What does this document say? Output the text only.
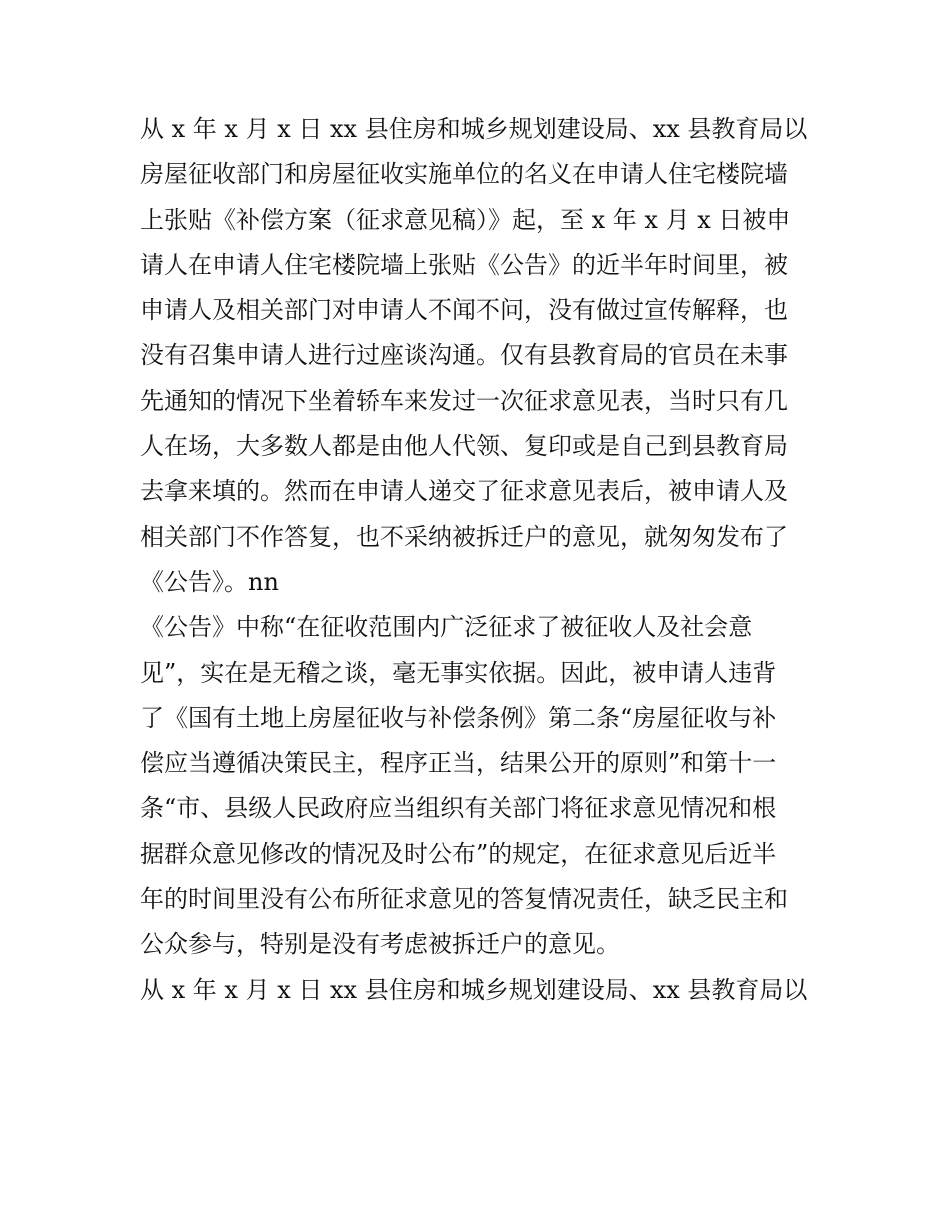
从 x 年 x 月 x 日 xx 县住房和城乡规划建设局、xx 县教育局以
房屋征收部门和房屋征收实施单位的名义在申请人住宅楼院墙
上张贴《补偿方案（征求意见稿）》起，至 x 年 x 月 x 日被申
请人在申请人住宅楼院墙上张贴《公告》的近半年时间里，被
申请人及相关部门对申请人不闻不问，没有做过宣传解释，也
没有召集申请人进行过座谈沟通。仅有县教育局的官员在未事
先通知的情况下坐着轿车来发过一次征求意见表，当时只有几
人在场，大多数人都是由他人代领、复印或是自己到县教育局
去拿来填的。然而在申请人递交了征求意见表后，被申请人及
相关部门不作答复，也不采纳被拆迁户的意见，就匆匆发布了
《公告》。nn
《公告》中称“在征收范围内广泛征求了被征收人及社会意
见”，实在是无稽之谈，毫无事实依据。因此，被申请人违背
了《国有土地上房屋征收与补偿条例》第二条“房屋征收与补
偿应当遵循决策民主，程序正当，结果公开的原则”和第十一
条“市、县级人民政府应当组织有关部门将征求意见情况和根
据群众意见修改的情况及时公布”的规定，在征求意见后近半
年的时间里没有公布所征求意见的答复情况责任，缺乏民主和
公众参与，特别是没有考虑被拆迁户的意见。
从 x 年 x 月 x 日 xx 县住房和城乡规划建设局、xx 县教育局以
